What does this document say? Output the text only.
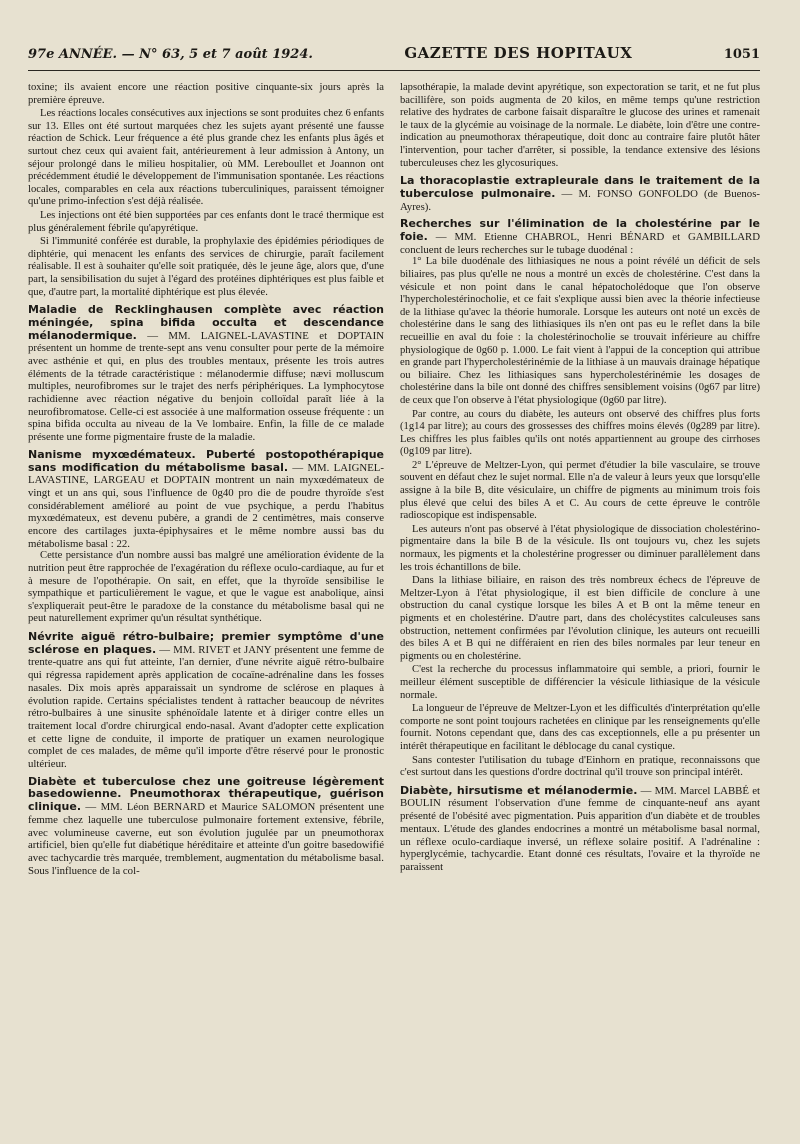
97e ANNÉE. — N° 63, 5 et 7 août 1924.	GAZETTE DES HOPITAUX	1051

toxine; ils avaient encore une réaction positive cinquante-six jours après la première épreuve.

Les réactions locales consécutives aux injections se sont produites chez 6 enfants sur 13. Elles ont été surtout marquées chez les sujets ayant présenté une fausse réaction de Schick. Leur fréquence a été plus grande chez les enfants plus âgés et surtout chez ceux qui avaient fait, antérieurement à leur admission à Antony, un séjour prolongé dans le milieu hospitalier, où MM. Lereboullet et Joannon ont précédemment étudié le développement de l'immunisation spontanée. Les réactions locales, comparables en cela aux réactions tuberculiniques, paraissent témoigner qu'une primo-infection s'est déjà réalisée.

Les injections ont été bien supportées par ces enfants dont le tracé thermique est plus généralement fébrile qu'apyrétique.

Si l'immunité conférée est durable, la prophylaxie des épidémies périodiques de diphtérie, qui menacent les enfants des services de chirurgie, paraît facilement réalisable. Il est à souhaiter qu'elle soit pratiquée, dès le jeune âge, alors que, d'une part, la sensibilisation du sujet à l'égard des protéines diphtériques est plus faible et que, d'autre part, la mortalité diphtérique est plus élevée.

Maladie de Recklinghausen complète avec réaction méningée, spina bifida occulta et descendance mélanodermique. — MM. LAIGNEL-LAVASTINE et DOPTAIN présentent un homme de trente-sept ans venu consulter pour perte de la mémoire avec asthénie et qui, en plus des troubles mentaux, présente les trois autres éléments de la tétrade caractéristique : mélanodermie diffuse; nævi molluscum multiples, neurofibromes sur le trajet des nerfs périphériques. La lymphocytose rachidienne avec réaction négative du benjoin colloïdal paraît liée à la neurofibromatose. Celle-ci est associée à une malformation osseuse fréquente : un spina bifida occulta au niveau de la Ve lombaire. Enfin, la fille de ce malade présente une forme pigmentaire fruste de la maladie.

Nanisme myxœdémateux. Puberté postopothérapique sans modification du métabolisme basal. — MM. LAIGNEL-LAVASTINE, LARGEAU et DOPTAIN montrent un nain myxœdémateux de vingt et un ans qui, sous l'influence de 0g40 pro die de poudre thyroïde s'est considérablement amélioré au point de vue psychique, a perdu l'habitus myxœdémateux, est devenu pubère, a grandi de 2 centimètres, mais conserve encore des cartilages juxta-épiphysaires et le même nombre aussi bas du métabolisme basal : 22.

Cette persistance d'un nombre aussi bas malgré une amélioration évidente de la nutrition peut être rapprochée de l'exagération du réflexe oculo-cardiaque, au fur et à mesure de l'opothérapie. On sait, en effet, que la thyroïde sensibilise le sympathique et particulièrement le vague, et que le vague est anabolique, ainsi s'expliquerait peut-être le paradoxe de la constance du métabolisme basal qui ne peut naturellement exprimer qu'un résultat synthétique.

Névrite aiguë rétro-bulbaire; premier symptôme d'une sclérose en plaques. — MM. RIVET et JANY présentent une femme de trente-quatre ans qui fut atteinte, l'an dernier, d'une névrite aiguë rétro-bulbaire qui régressa rapidement après application de cocaïne-adrénaline dans les fosses nasales. Dix mois après apparaissait un syndrome de sclérose en plaques à évolution rapide. Certains spécialistes tendent à rattacher beaucoup de névrites rétro-bulbaires à une sinusite sphénoïdale latente et à diriger contre elles un traitement local d'ordre chirurgical endo-nasal. Avant d'adopter cette explication et cette ligne de conduite, il importe de pratiquer un examen neurologique complet de ces malades, de même qu'il importe d'être réservé pour le pronostic ultérieur.

Diabète et tuberculose chez une goitreuse légèrement basedowienne. Pneumothorax thérapeutique, guérison clinique. — MM. Léon BERNARD et Maurice SALOMON présentent une femme chez laquelle une tuberculose pulmonaire fortement extensive, fébrile, avec volumineuse caverne, eut son évolution jugulée par un pneumothorax artificiel, bien qu'elle fut diabétique héréditaire et atteinte d'un goitre basedowifié avec tachycardie très marquée, tremblement, augmentation du métabolisme basal. Sous l'influence de la col-

lapsothérapie, la malade devint apyrétique, son expectoration se tarit, et ne fut plus bacillifère, son poids augmenta de 20 kilos, en même temps qu'une restriction relative des hydrates de carbone faisait disparaître le glucose des urines et ramenait le taux de la glycémie au voisinage de la normale. Le diabète, loin d'être une contre-indication au pneumothorax thérapeutique, doit donc au contraire faire plutôt hâter l'intervention, pour tacher d'arrêter, si possible, la tendance extensive des lésions tuberculeuses chez les glycosuriques.

La thoracoplastie extrapleurale dans le traitement de la tuberculose pulmonaire. — M. FONSO GONFOLDO (de Buenos-Ayres).

Recherches sur l'élimination de la cholestérine par le foie. — MM. Etienne CHABROL, Henri BÉNARD et GAMBILLARD concluent de leurs recherches sur le tubage duodénal :

1° La bile duodénale des lithiasiques ne nous a point révélé un déficit de sels biliaires, pas plus qu'elle ne nous a montré un excès de cholestérine. C'est dans la vésicule et non point dans le canal hépatocholédoque que l'on observe l'hypercholestérinocholie, et ce fait s'explique aussi bien avec la théorie infectieuse de la lithiase qu'avec la théorie humorale. Lorsque les auteurs ont noté un excès de cholestérine dans le sang des lithiasiques ils n'en ont pas eu le reflet dans la bile recueillie en aval du foie : la cholestérinocholie se trouvait inférieure au chiffre physiologique de 0g60 p. 1.000. Le fait vient à l'appui de la conception qui attribue en grande part l'hypercholestérinémie de la lithiase à un mauvais drainage hépatique ou biliaire. Chez les lithiasiques sans hypercholestérinémie les dosages de cholestérine dans la bile ont donné des chiffres sensiblement voisins (0g67 par litre) de ceux que l'on observe à l'état physiologique (0g60 par litre).

Par contre, au cours du diabète, les auteurs ont observé des chiffres plus forts (1g14 par litre); au cours des grossesses des chiffres moins élevés (0g289 par litre). Les chiffres les plus faibles qu'ils ont notés appartiennent au groupe des cirrhoses (0g109 par litre).

2° L'épreuve de Meltzer-Lyon, qui permet d'étudier la bile vasculaire, se trouve souvent en défaut chez le sujet normal. Elle n'a de valeur à leurs yeux que lorsqu'elle assigne à la bile B, dite vésiculaire, un chiffre de pigments au minimum trois fois plus élevé que celui des biles A et C. Au cours de cette épreuve le contrôle radioscopique est indispensable.

Les auteurs n'ont pas observé à l'état physiologique de dissociation cholestérino-pigmentaire dans la bile B de la vésicule. Ils ont toujours vu, chez les sujets normaux, les pigments et la cholestérine progresser ou diminuer parallèlement dans les trois échantillons de bile.

Dans la lithiase biliaire, en raison des très nombreux échecs de l'épreuve de Meltzer-Lyon à l'état physiologique, il est bien difficile de conclure à une obstruction du canal cystique lorsque les biles A et B ont la même teneur en pigments et en cholestérine. D'autre part, dans des cholécystites calculeuses sans obstruction, nettement confirmées par l'évolution clinique, les auteurs ont recueilli des biles A et B qui ne différaient en rien des biles normales par leur teneur en pigments ou en cholestérine.

C'est la recherche du processus inflammatoire qui semble, a priori, fournir le meilleur élément susceptible de différencier la vésicule lithiasique de la vésicule normale.

La longueur de l'épreuve de Meltzer-Lyon et les difficultés d'interprétation qu'elle comporte ne sont point toujours rachetées en clinique par les renseignements qu'elle fournit. Notons cependant que, dans des cas exceptionnels, elle a pu présenter un intérêt thérapeutique en facilitant le déblocage du canal cystique.

Sans contester l'utilisation du tubage d'Einhorn en pratique, reconnaissons que c'est surtout dans les questions d'ordre doctrinal qu'il trouve son principal intérêt.

Diabète, hirsutisme et mélanodermie. — MM. Marcel LABBÉ et BOULIN résument l'observation d'une femme de cinquante-neuf ans ayant présenté de l'obésité avec pigmentation. Puis apparition d'un diabète et de troubles mentaux. L'étude des glandes endocrines a montré un métabolisme basal normal, un réflexe oculo-cardiaque inversé, un réflexe solaire positif. A l'adrénaline : hyperglycémie, tachycardie. Etant donné ces résultats, l'ovaire et la thyroïde ne paraissent
